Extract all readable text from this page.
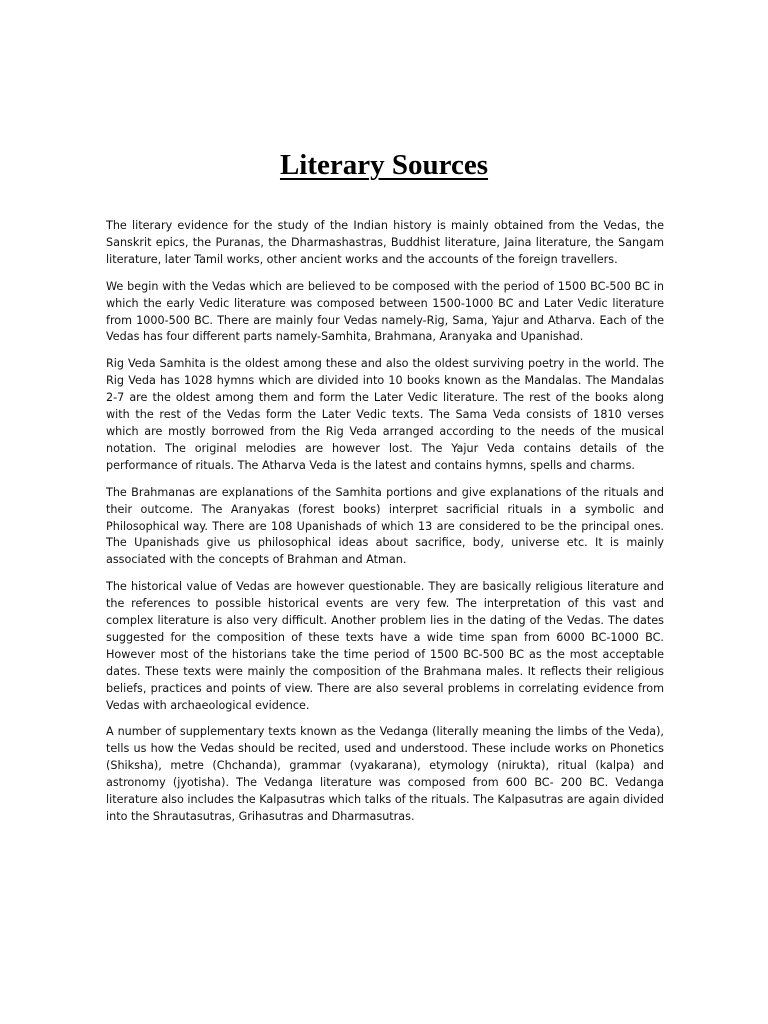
Literary Sources

The literary evidence for the study of the Indian history is mainly obtained from the Vedas, the Sanskrit epics, the Puranas, the Dharmashastras, Buddhist literature, Jaina literature, the Sangam literature, later Tamil works, other ancient works and the accounts of the foreign travellers.

We begin with the Vedas which are believed to be composed with the period of 1500 BC-500 BC in which the early Vedic literature was composed between 1500-1000 BC and Later Vedic literature from 1000-500 BC. There are mainly four Vedas namely-Rig, Sama, Yajur and Atharva. Each of the Vedas has four different parts namely-Samhita, Brahmana, Aranyaka and Upanishad.

Rig Veda Samhita is the oldest among these and also the oldest surviving poetry in the world. The Rig Veda has 1028 hymns which are divided into 10 books known as the Mandalas. The Mandalas 2-7 are the oldest among them and form the Later Vedic literature. The rest of the books along with the rest of the Vedas form the Later Vedic texts. The Sama Veda consists of 1810 verses which are mostly borrowed from the Rig Veda arranged according to the needs of the musical notation. The original melodies are however lost. The Yajur Veda contains details of the performance of rituals. The Atharva Veda is the latest and contains hymns, spells and charms.

The Brahmanas are explanations of the Samhita portions and give explanations of the rituals and their outcome. The Aranyakas (forest books) interpret sacrificial rituals in a symbolic and Philosophical way. There are 108 Upanishads of which 13 are considered to be the principal ones. The Upanishads give us philosophical ideas about sacrifice, body, universe etc. It is mainly associated with the concepts of Brahman and Atman.

The historical value of Vedas are however questionable. They are basically religious literature and the references to possible historical events are very few. The interpretation of this vast and complex literature is also very difficult. Another problem lies in the dating of the Vedas. The dates suggested for the composition of these texts have a wide time span from 6000 BC-1000 BC. However most of the historians take the time period of 1500 BC-500 BC as the most acceptable dates. These texts were mainly the composition of the Brahmana males. It reflects their religious beliefs, practices and points of view. There are also several problems in correlating evidence from Vedas with archaeological evidence.

A number of supplementary texts known as the Vedanga (literally meaning the limbs of the Veda), tells us how the Vedas should be recited, used and understood. These include works on Phonetics (Shiksha), metre (Chchanda), grammar (vyakarana), etymology (nirukta), ritual (kalpa) and astronomy (jyotisha). The Vedanga literature was composed from 600 BC- 200 BC. Vedanga literature also includes the Kalpasutras which talks of the rituals. The Kalpasutras are again divided into the Shrautasutras, Grihasutras and Dharmasutras.
